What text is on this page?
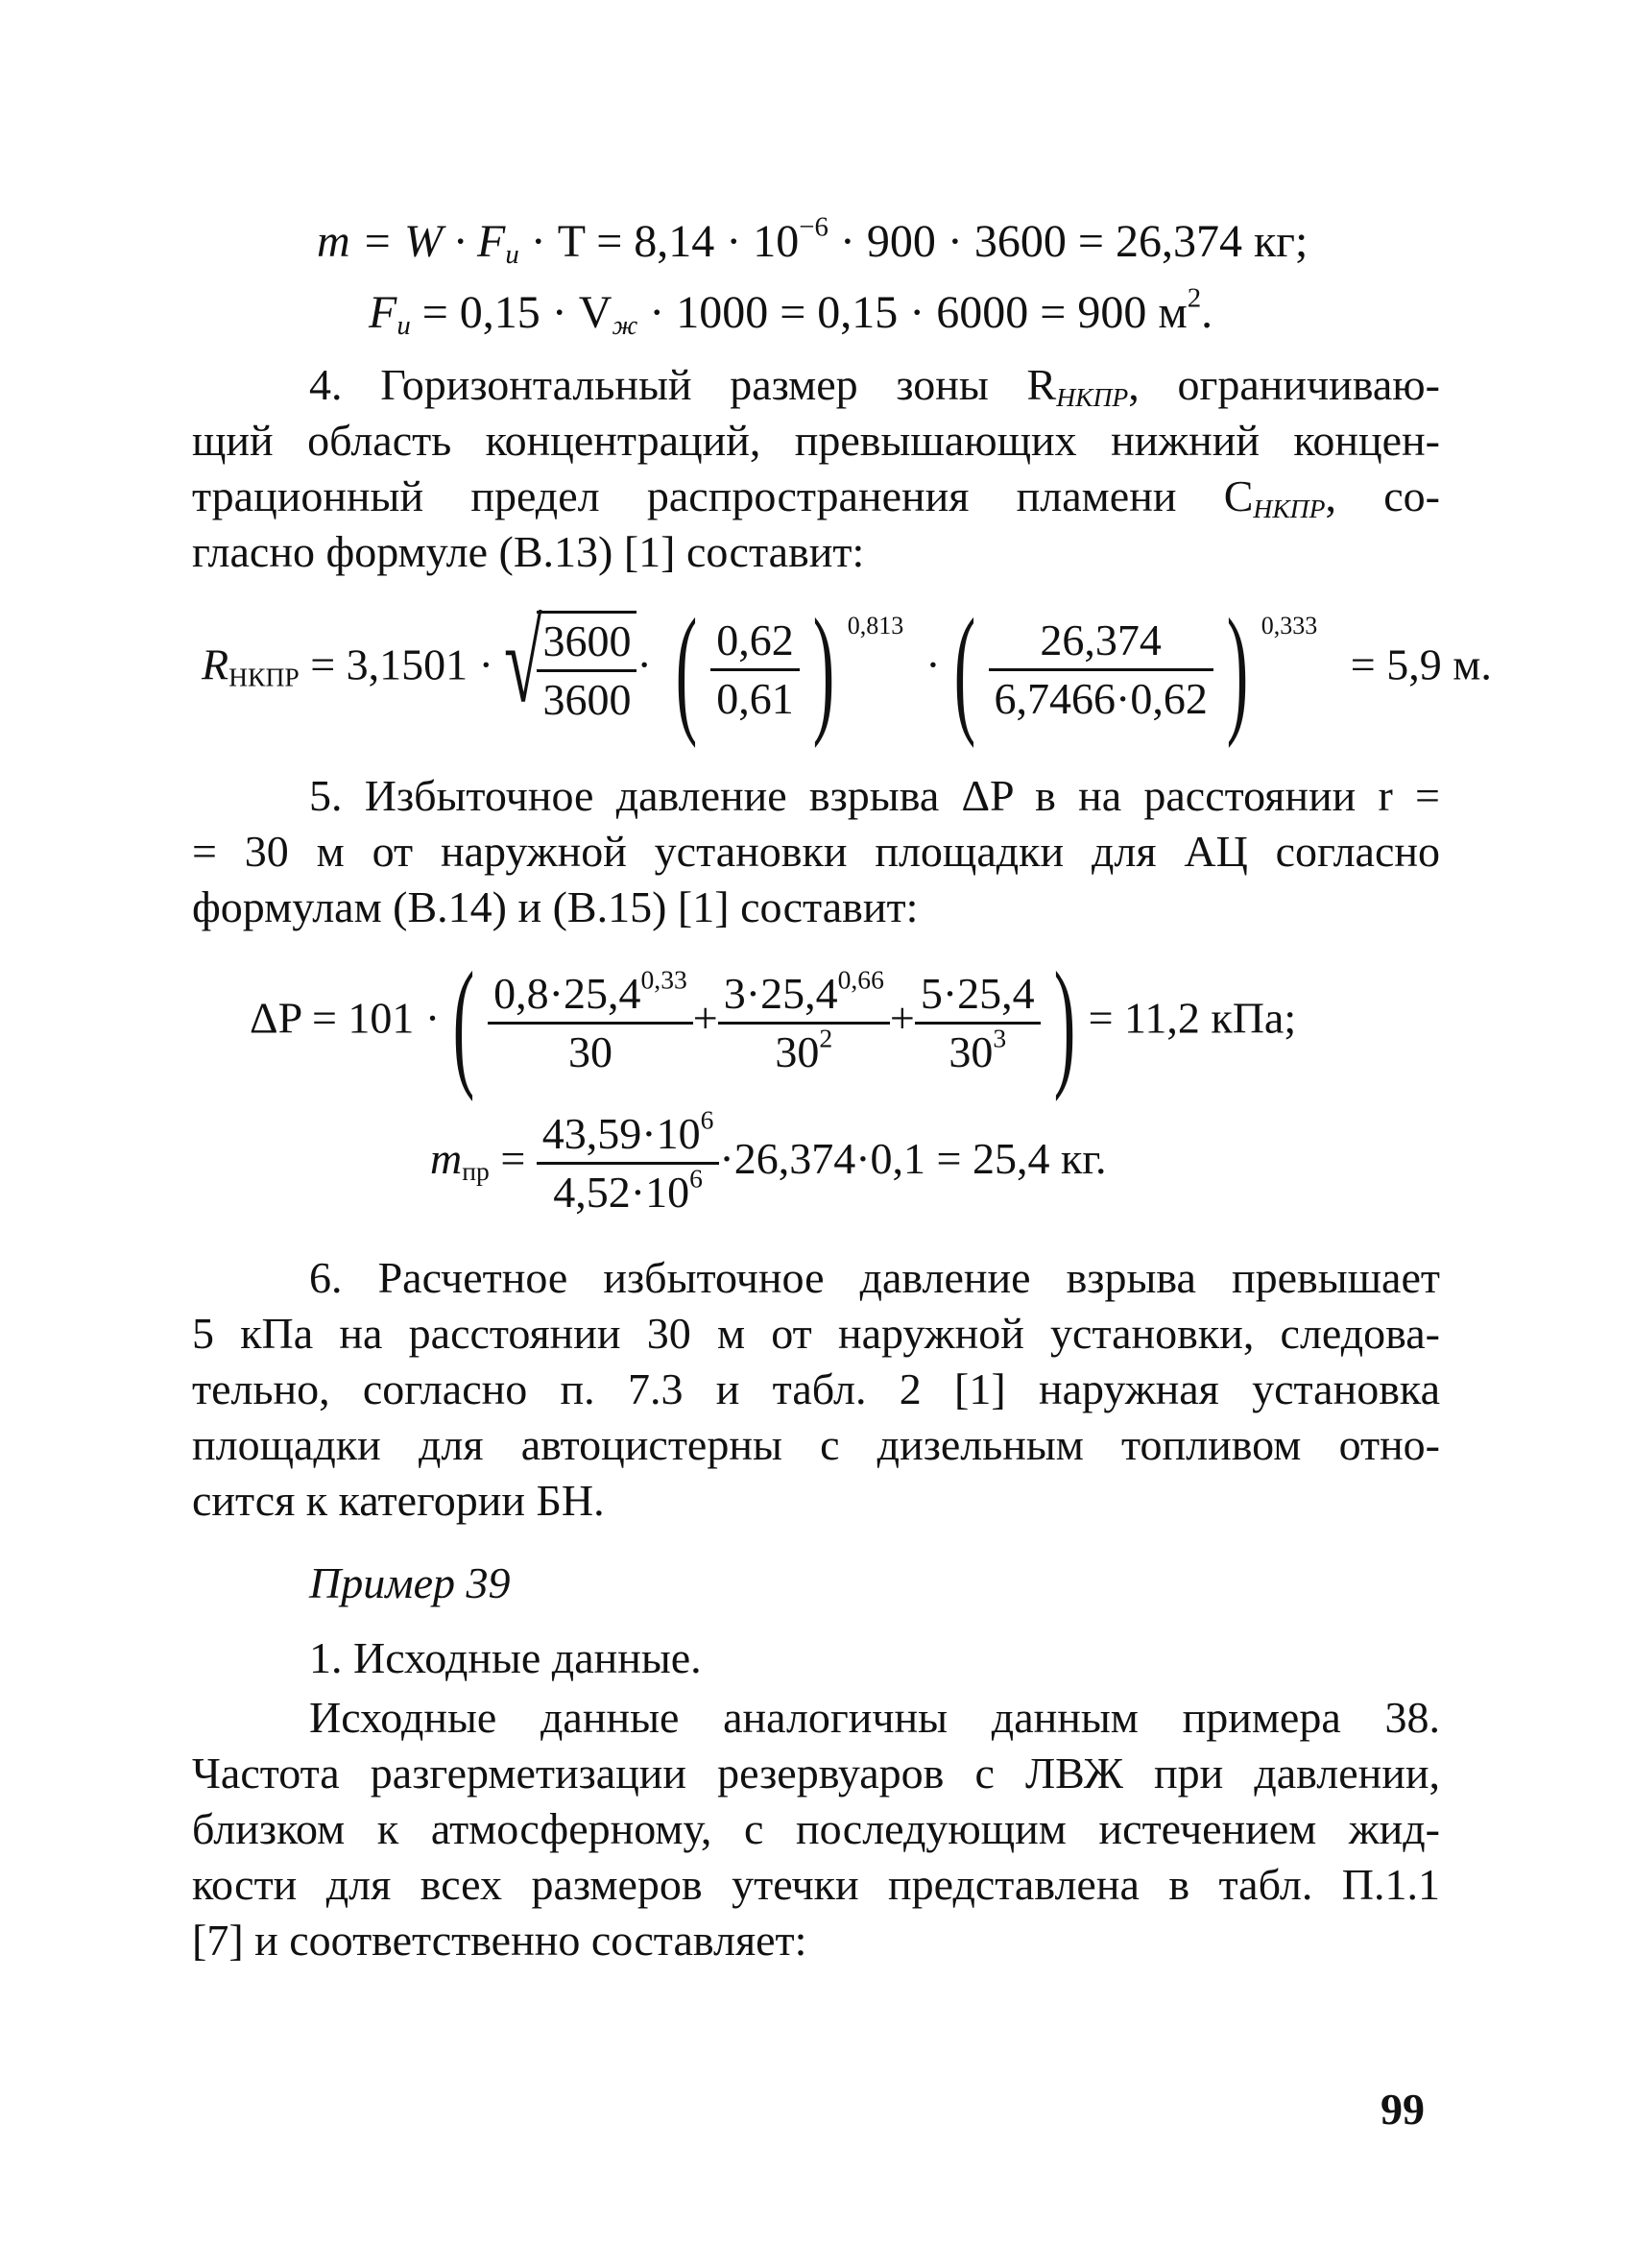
$m = W \cdot F_и \cdot T = 8,14 \cdot 10^{-6} \cdot 900 \cdot 3600 = 26,374$ кг;
$F_и = 0,15 \cdot V_ж \cdot 1000 = 0,15 \cdot 6000 = 900$ $м^2$.
4. Горизонтальный размер зоны $R_{НКПР}$, ограничиваю-
щий область концентраций, превышающих нижний концен-
трационный предел распространения пламени $C_{НКПР}$, со-
гласно формуле (В.13) [1] составит:
$R_{НКПР} = 3,1501$ · √
$\frac{3600}{3600}$ · ( $\frac{0,62}{0,61}$ ) $^{0,813}$  ·( $\frac{26,374}{6,7466\cdot 0,62}$ ) $^{0,333}$   = 5,9 м.
5. Избыточное давление взрыва ΔP в на расстоянии r =
= 30 м от наружной установки площадки для АЦ согласно
формулам (В.14) и (В.15) [1] составит:
ΔP = 101 ·( $\frac{0,8\cdot 25,4^{0,33}}{30} + \frac{3\cdot 25,4^{0,66}}{30^2} + \frac{5\cdot 25,4}{30^3}$ ) = 11,2 кПа;
$m_{пр} = \frac{43,59\cdot 10^6}{4,52\cdot 10^6} \cdot 26,374\cdot 0,1 = 25,4$ кг.
6. Расчетное избыточное давление взрыва превышает
5 кПа на расстоянии 30 м от наружной установки, следова-
тельно, согласно п. 7.3 и табл. 2 [1] наружная установка
площадки для автоцистерны с дизельным топливом отно-
сится к категории БН.
Пример 39
1. Исходные данные.
Исходные данные аналогичны данным примера 38.
Частота разгерметизации резервуаров с ЛВЖ при давлении,
близком к атмосферному, с последующим истечением жид-
кости для всех размеров утечки представлена в табл. П.1.1
[7] и соответственно составляет:
99
